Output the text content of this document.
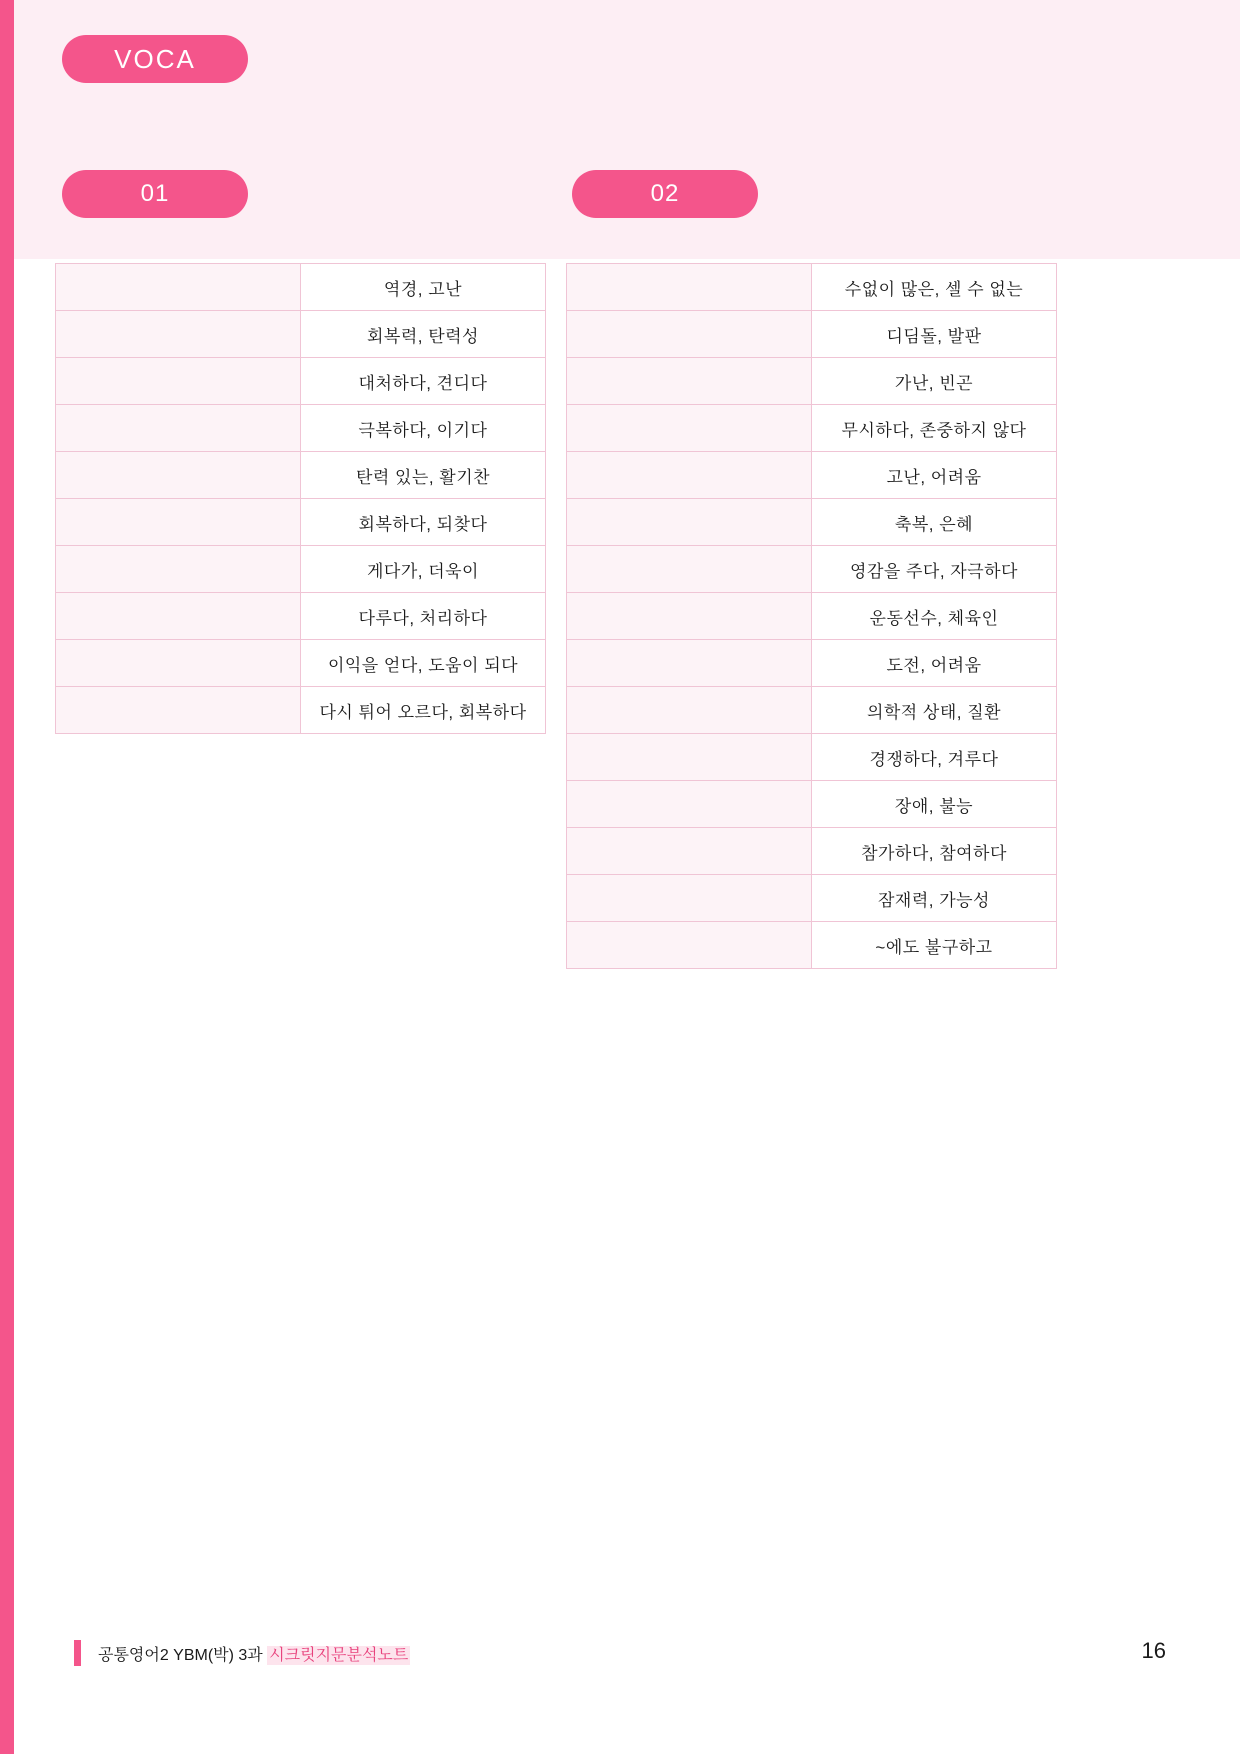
VOCA
01	02
	역경, 고난
	회복력, 탄력성
	대처하다, 견디다
	극복하다, 이기다
	탄력 있는, 활기찬
	회복하다, 되찾다
	게다가, 더욱이
	다루다, 처리하다
	이익을 얻다, 도움이 되다
	다시 튀어 오르다, 회복하다
	수없이 많은, 셀 수 없는
	디딤돌, 발판
	가난, 빈곤
	무시하다, 존중하지 않다
	고난, 어려움
	축복, 은혜
	영감을 주다, 자극하다
	운동선수, 체육인
	도전, 어려움
	의학적 상태, 질환
	경쟁하다, 겨루다
	장애, 불능
	참가하다, 참여하다
	잠재력, 가능성
	~에도 불구하고
공통영어2 YBM(박) 3과 시크릿지문분석노트	16
